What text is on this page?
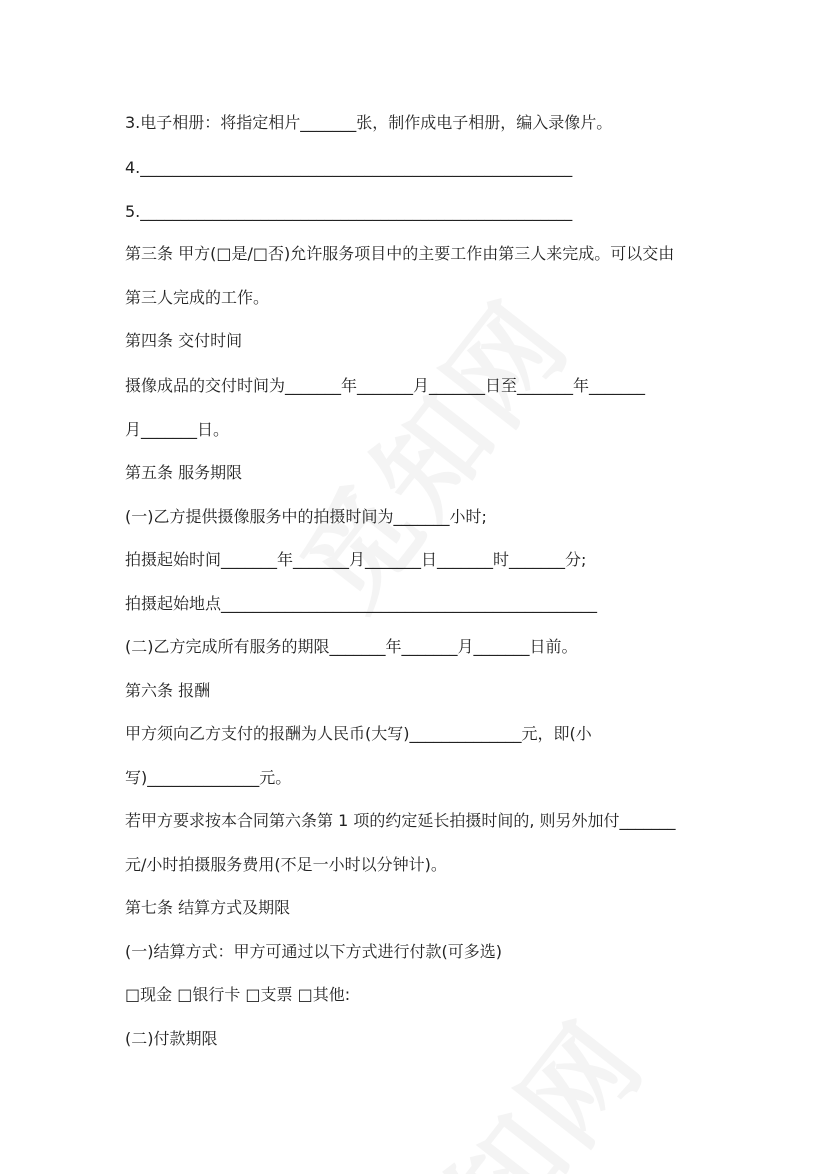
3.电子相册：将指定相片_______张，制作成电子相册，编入录像片。
4.______________________________________________________
5.______________________________________________________
第三条 甲方(□是/□否)允许服务项目中的主要工作由第三人来完成。可以交由
第三人完成的工作。
第四条 交付时间
摄像成品的交付时间为_______年_______月_______日至_______年_______
月_______日。
第五条 服务期限
(一)乙方提供摄像服务中的拍摄时间为_______小时;
拍摄起始时间_______年_______月_______日_______时_______分;
拍摄起始地点_______________________________________________
(二)乙方完成所有服务的期限_______年_______月_______日前。
第六条 报酬
甲方须向乙方支付的报酬为人民币(大写)______________元，即(小
写)______________元。
若甲方要求按本合同第六条第 1 项的约定延长拍摄时间的, 则另外加付_______
元/小时拍摄服务费用(不足一小时以分钟计)。
第七条 结算方式及期限
(一)结算方式：甲方可通过以下方式进行付款(可多选)
□现金 □银行卡 □支票 □其他:
(二)付款期限
